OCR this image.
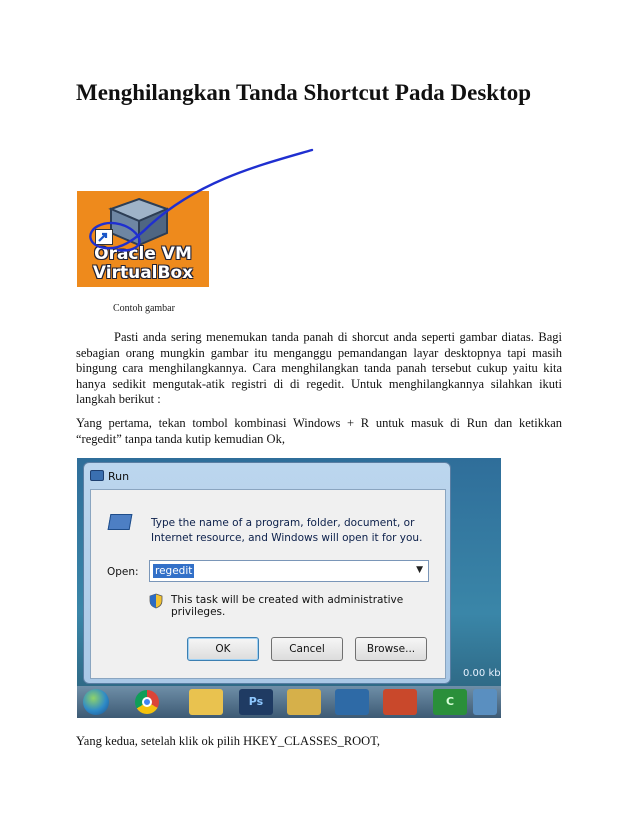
Menghilangkan Tanda Shortcut Pada Desktop
Oracle VM
VirtualBox
Contoh gambar

Pasti anda sering menemukan tanda panah di shorcut anda seperti gambar diatas. Bagi sebagian orang mungkin gambar itu menganggu pemandangan layar desktopnya tapi masih bingung cara menghilangkannya. Cara menghilangkan tanda panah tersebut cukup yaitu kita hanya sedikit mengutak-atik registri di di regedit. Untuk menghilangkannya silahkan ikuti langkah berikut :

Yang pertama, tekan tombol kombinasi Windows + R untuk masuk di Run dan ketikkan “regedit” tanpa tanda kutip kemudian Ok,

Run
Type the name of a program, folder, document, or Internet resource, and Windows will open it for you.
Open: regedit	▼
This task will be created with administrative privileges.
OK	Cancel	Browse...
0.00 kb
Ps	C

Yang kedua, setelah klik ok pilih HKEY_CLASSES_ROOT,
